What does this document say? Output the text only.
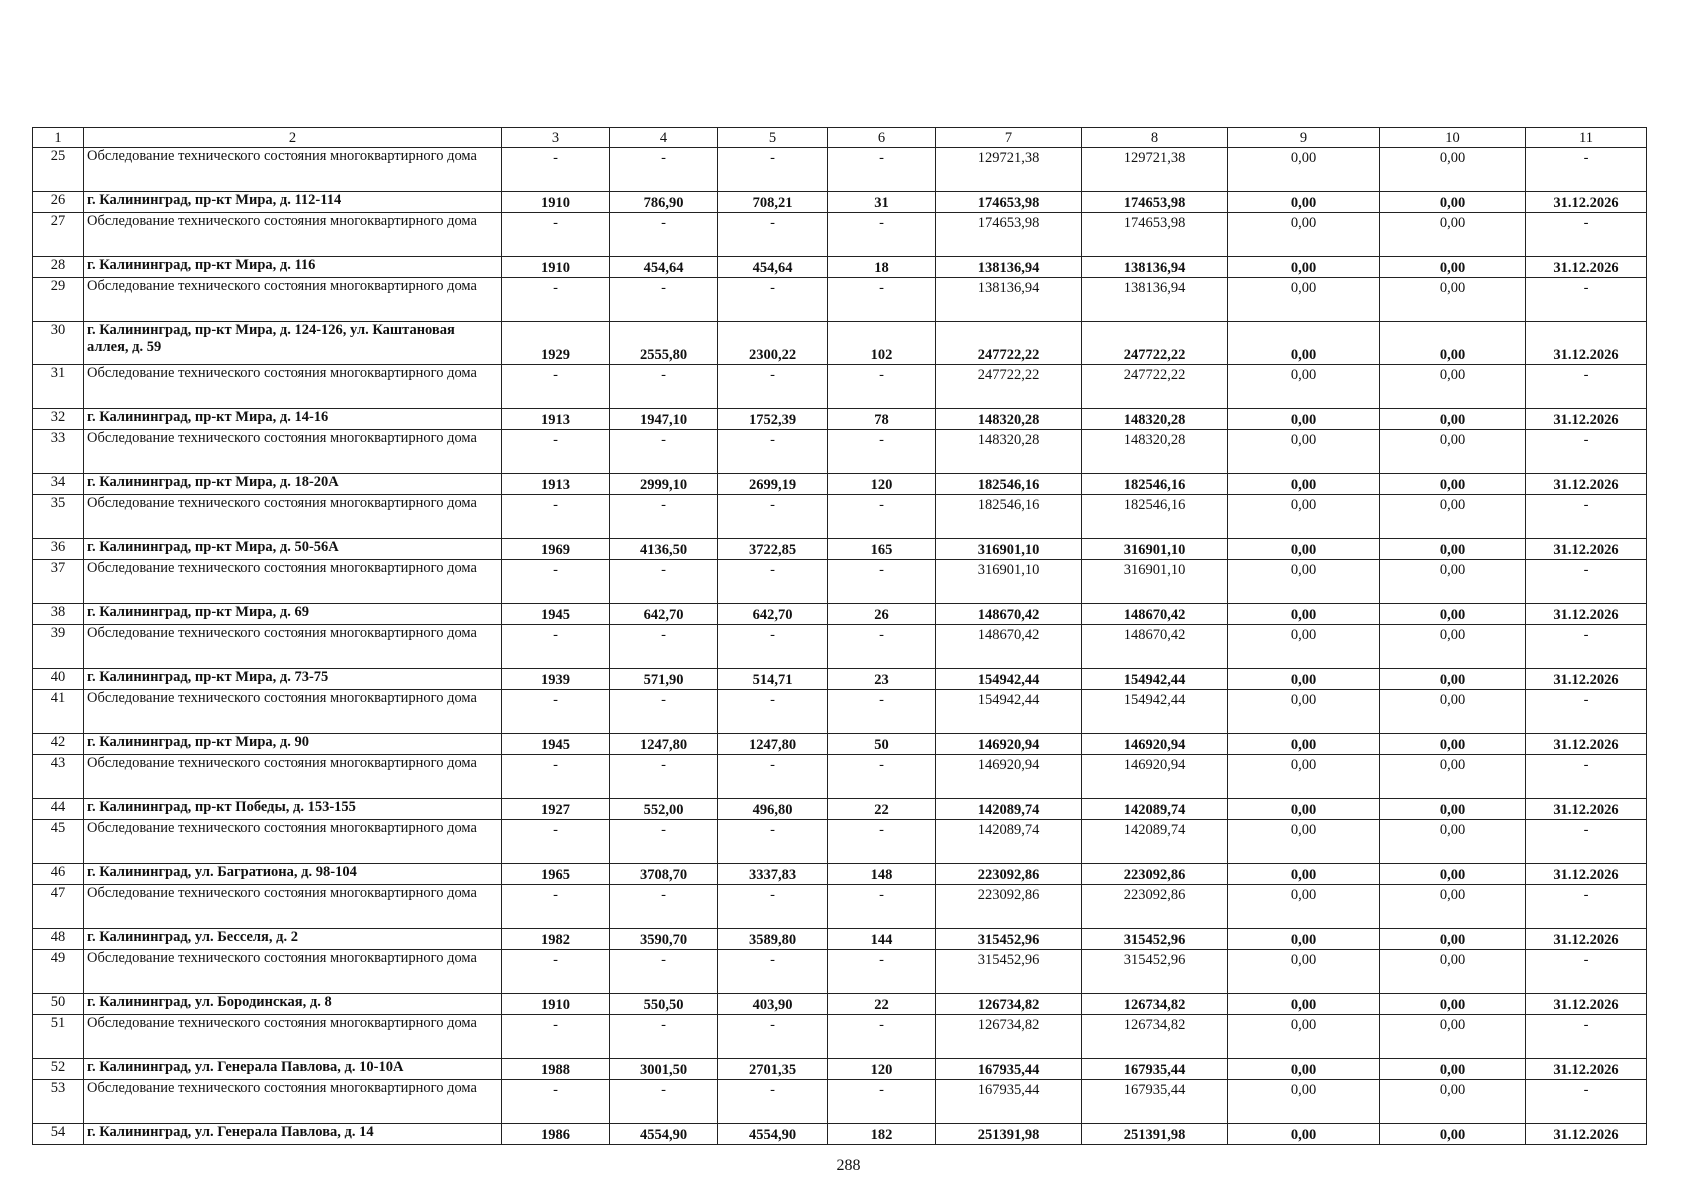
1	2	3	4	5	6	7	8	9	10	11
25	Обследование технического состояния многоквартирного дома	-	-	-	-	129721,38	129721,38	0,00	0,00	-
26	г. Калининград, пр-кт Мира, д. 112-114	1910	786,90	708,21	31	174653,98	174653,98	0,00	0,00	31.12.2026
27	Обследование технического состояния многоквартирного дома	-	-	-	-	174653,98	174653,98	0,00	0,00	-
28	г. Калининград, пр-кт Мира, д. 116	1910	454,64	454,64	18	138136,94	138136,94	0,00	0,00	31.12.2026
29	Обследование технического состояния многоквартирного дома	-	-	-	-	138136,94	138136,94	0,00	0,00	-
30	г. Калининград, пр-кт Мира, д. 124-126, ул. Каштановая аллея, д. 59	1929	2555,80	2300,22	102	247722,22	247722,22	0,00	0,00	31.12.2026
31	Обследование технического состояния многоквартирного дома	-	-	-	-	247722,22	247722,22	0,00	0,00	-
32	г. Калининград, пр-кт Мира, д. 14-16	1913	1947,10	1752,39	78	148320,28	148320,28	0,00	0,00	31.12.2026
33	Обследование технического состояния многоквартирного дома	-	-	-	-	148320,28	148320,28	0,00	0,00	-
34	г. Калининград, пр-кт Мира, д. 18-20А	1913	2999,10	2699,19	120	182546,16	182546,16	0,00	0,00	31.12.2026
35	Обследование технического состояния многоквартирного дома	-	-	-	-	182546,16	182546,16	0,00	0,00	-
36	г. Калининград, пр-кт Мира, д. 50-56А	1969	4136,50	3722,85	165	316901,10	316901,10	0,00	0,00	31.12.2026
37	Обследование технического состояния многоквартирного дома	-	-	-	-	316901,10	316901,10	0,00	0,00	-
38	г. Калининград, пр-кт Мира, д. 69	1945	642,70	642,70	26	148670,42	148670,42	0,00	0,00	31.12.2026
39	Обследование технического состояния многоквартирного дома	-	-	-	-	148670,42	148670,42	0,00	0,00	-
40	г. Калининград, пр-кт Мира, д. 73-75	1939	571,90	514,71	23	154942,44	154942,44	0,00	0,00	31.12.2026
41	Обследование технического состояния многоквартирного дома	-	-	-	-	154942,44	154942,44	0,00	0,00	-
42	г. Калининград, пр-кт Мира, д. 90	1945	1247,80	1247,80	50	146920,94	146920,94	0,00	0,00	31.12.2026
43	Обследование технического состояния многоквартирного дома	-	-	-	-	146920,94	146920,94	0,00	0,00	-
44	г. Калининград, пр-кт Победы, д. 153-155	1927	552,00	496,80	22	142089,74	142089,74	0,00	0,00	31.12.2026
45	Обследование технического состояния многоквартирного дома	-	-	-	-	142089,74	142089,74	0,00	0,00	-
46	г. Калининград, ул. Багратиона, д. 98-104	1965	3708,70	3337,83	148	223092,86	223092,86	0,00	0,00	31.12.2026
47	Обследование технического состояния многоквартирного дома	-	-	-	-	223092,86	223092,86	0,00	0,00	-
48	г. Калининград, ул. Бесселя, д. 2	1982	3590,70	3589,80	144	315452,96	315452,96	0,00	0,00	31.12.2026
49	Обследование технического состояния многоквартирного дома	-	-	-	-	315452,96	315452,96	0,00	0,00	-
50	г. Калининград, ул. Бородинская, д. 8	1910	550,50	403,90	22	126734,82	126734,82	0,00	0,00	31.12.2026
51	Обследование технического состояния многоквартирного дома	-	-	-	-	126734,82	126734,82	0,00	0,00	-
52	г. Калининград, ул. Генерала Павлова, д. 10-10А	1988	3001,50	2701,35	120	167935,44	167935,44	0,00	0,00	31.12.2026
53	Обследование технического состояния многоквартирного дома	-	-	-	-	167935,44	167935,44	0,00	0,00	-
54	г. Калининград, ул. Генерала Павлова, д. 14	1986	4554,90	4554,90	182	251391,98	251391,98	0,00	0,00	31.12.2026
288
